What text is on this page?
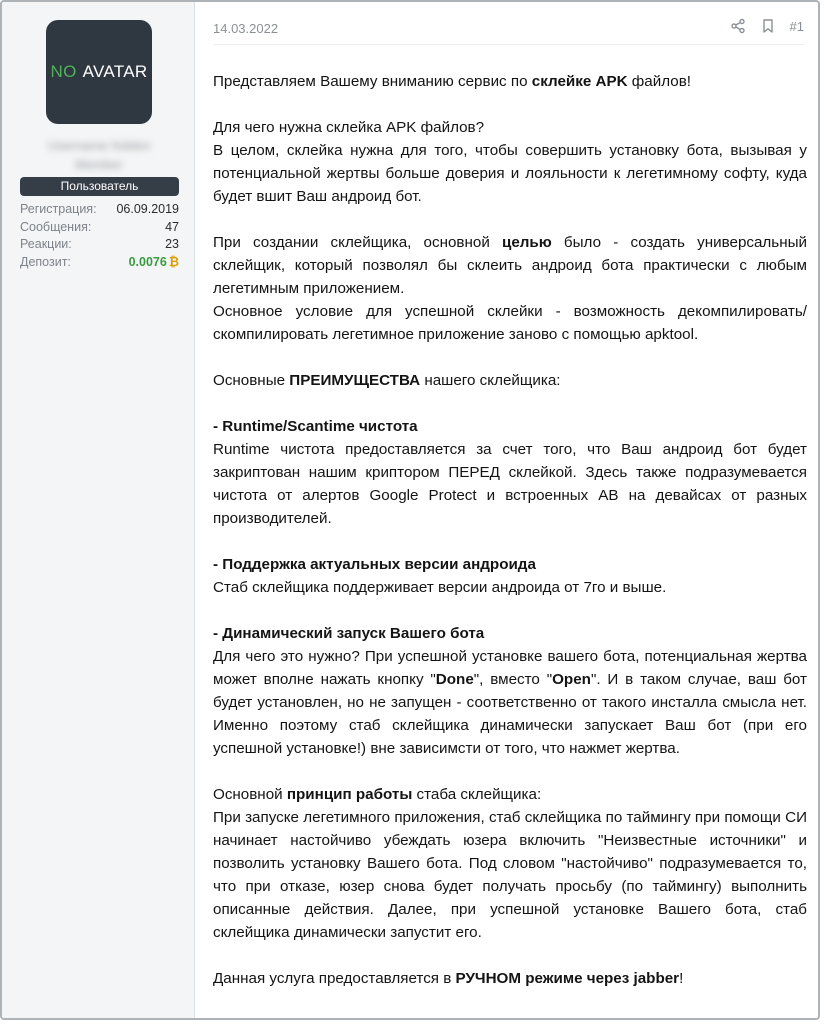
NO AVATAR
Username hidden
Member
Пользователь
Регистрация: 06.09.2019
Сообщения:	47
Реакции:	23
Депозит:	0.0076 ₿
14.03.2022	#1

Представляем Вашему вниманию сервис по склейке APK файлов!

Для чего нужна склейка APK файлов?

В целом, склейка нужна для того, чтобы совершить установку бота, вызывая у потенциальной жертвы больше доверия и лояльности к легетимному софту, куда будет вшит Ваш андроид бот.

При создании склейщика, основной целью было - создать универсальный склейщик, который позволял бы склеить андроид бота практически с любым легетимным приложением.

Основное условие для успешной склейки - возможность декомпилировать/скомпилировать легетимное приложение заново с помощью apktool.

Основные ПРЕИМУЩЕСТВА нашего склейщика:

- Runtime/Scantime чистота

Runtime чистота предоставляется за счет того, что Ваш андроид бот будет закриптован нашим криптором ПЕРЕД склейкой. Здесь также подразумевается чистота от алертов Google Protect и встроенных AB на девайсах от разных производителей.

- Поддержка актуальных версии андроида

Стаб склейщика поддерживает версии андроида от 7го и выше.

- Динамический запуск Вашего бота

Для чего это нужно? При успешной установке вашего бота, потенциальная жертва может вполне нажать кнопку "Done", вместо "Open". И в таком случае, ваш бот будет установлен, но не запущен - соответственно от такого инсталла смысла нет. Именно поэтому стаб склейщика динамически запускает Ваш бот (при его успешной установке!) вне зависимсти от того, что нажмет жертва.

Основной принцип работы стаба склейщика:

При запуске легетимного приложения, стаб склейщика по таймингу при помощи СИ начинает настойчиво убеждать юзера включить "Неизвестные источники" и позволить установку Вашего бота. Под словом "настойчиво" подразумевается то, что при отказе, юзер снова будет получать просьбу (по таймингу) выполнить описанные действия. Далее, при успешной установке Вашего бота, стаб склейщика динамически запустит его.

Данная услуга предоставляется в РУЧНОМ режиме через jabber!
